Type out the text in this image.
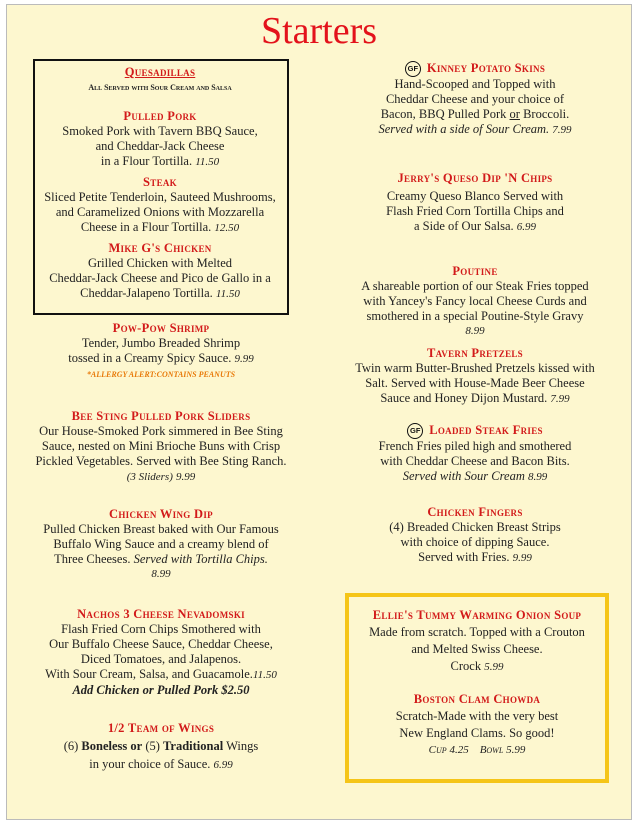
Starters
Quesadillas
All Served with Sour Cream and Salsa
Pulled Pork
Smoked Pork with Tavern BBQ Sauce,
and Cheddar-Jack Cheese
in a Flour Tortilla. 11.50
Steak
Sliced Petite Tenderloin, Sauteed Mushrooms,
and Caramelized Onions with Mozzarella
Cheese in a Flour Tortilla. 12.50
Mike G's Chicken
Grilled Chicken with Melted
Cheddar-Jack Cheese and Pico de Gallo in a
Cheddar-Jalapeno Tortilla. 11.50
Pow-Pow Shrimp
Tender, Jumbo Breaded Shrimp
tossed in a Creamy Spicy Sauce. 9.99
*ALLERGY ALERT:CONTAINS PEANUTS
Bee Sting Pulled Pork Sliders
Our House-Smoked Pork simmered in Bee Sting
Sauce, nested on Mini Brioche Buns with Crisp
Pickled Vegetables. Served with Bee Sting Ranch.
(3 Sliders) 9.99
Chicken Wing Dip
Pulled Chicken Breast baked with Our Famous
Buffalo Wing Sauce and a creamy blend of
Three Cheeses. Served with Tortilla Chips.
8.99
Nachos 3 Cheese Nevadomski
Flash Fried Corn Chips Smothered with
Our Buffalo Cheese Sauce, Cheddar Cheese,
Diced Tomatoes, and Jalapenos.
With Sour Cream, Salsa, and Guacamole.11.50
Add Chicken or Pulled Pork $2.50
1/2 Team of Wings
(6) Boneless or (5) Traditional Wings
in your choice of Sauce. 6.99
GF Kinney Potato Skins
Hand-Scooped and Topped with
Cheddar Cheese and your choice of
Bacon, BBQ Pulled Pork or Broccoli.
Served with a side of Sour Cream. 7.99
Jerry's Queso Dip 'N Chips
Creamy Queso Blanco Served with
Flash Fried Corn Tortilla Chips and
a Side of Our Salsa. 6.99
Poutine
A shareable portion of our Steak Fries topped
with Yancey's Fancy local Cheese Curds and
smothered in a special Poutine-Style Gravy
8.99
Tavern Pretzels
Twin warm Butter-Brushed Pretzels kissed with
Salt. Served with House-Made Beer Cheese
Sauce and Honey Dijon Mustard. 7.99
GF Loaded Steak Fries
French Fries piled high and smothered
with Cheddar Cheese and Bacon Bits.
Served with Sour Cream 8.99
Chicken Fingers
(4) Breaded Chicken Breast Strips
with choice of dipping Sauce.
Served with Fries. 9.99
Ellie's Tummy Warming Onion Soup
Made from scratch. Topped with a Crouton
and Melted Swiss Cheese.
Crock 5.99
Boston Clam Chowda
Scratch-Made with the very best
New England Clams. So good!
Cup 4.25 Bowl 5.99
